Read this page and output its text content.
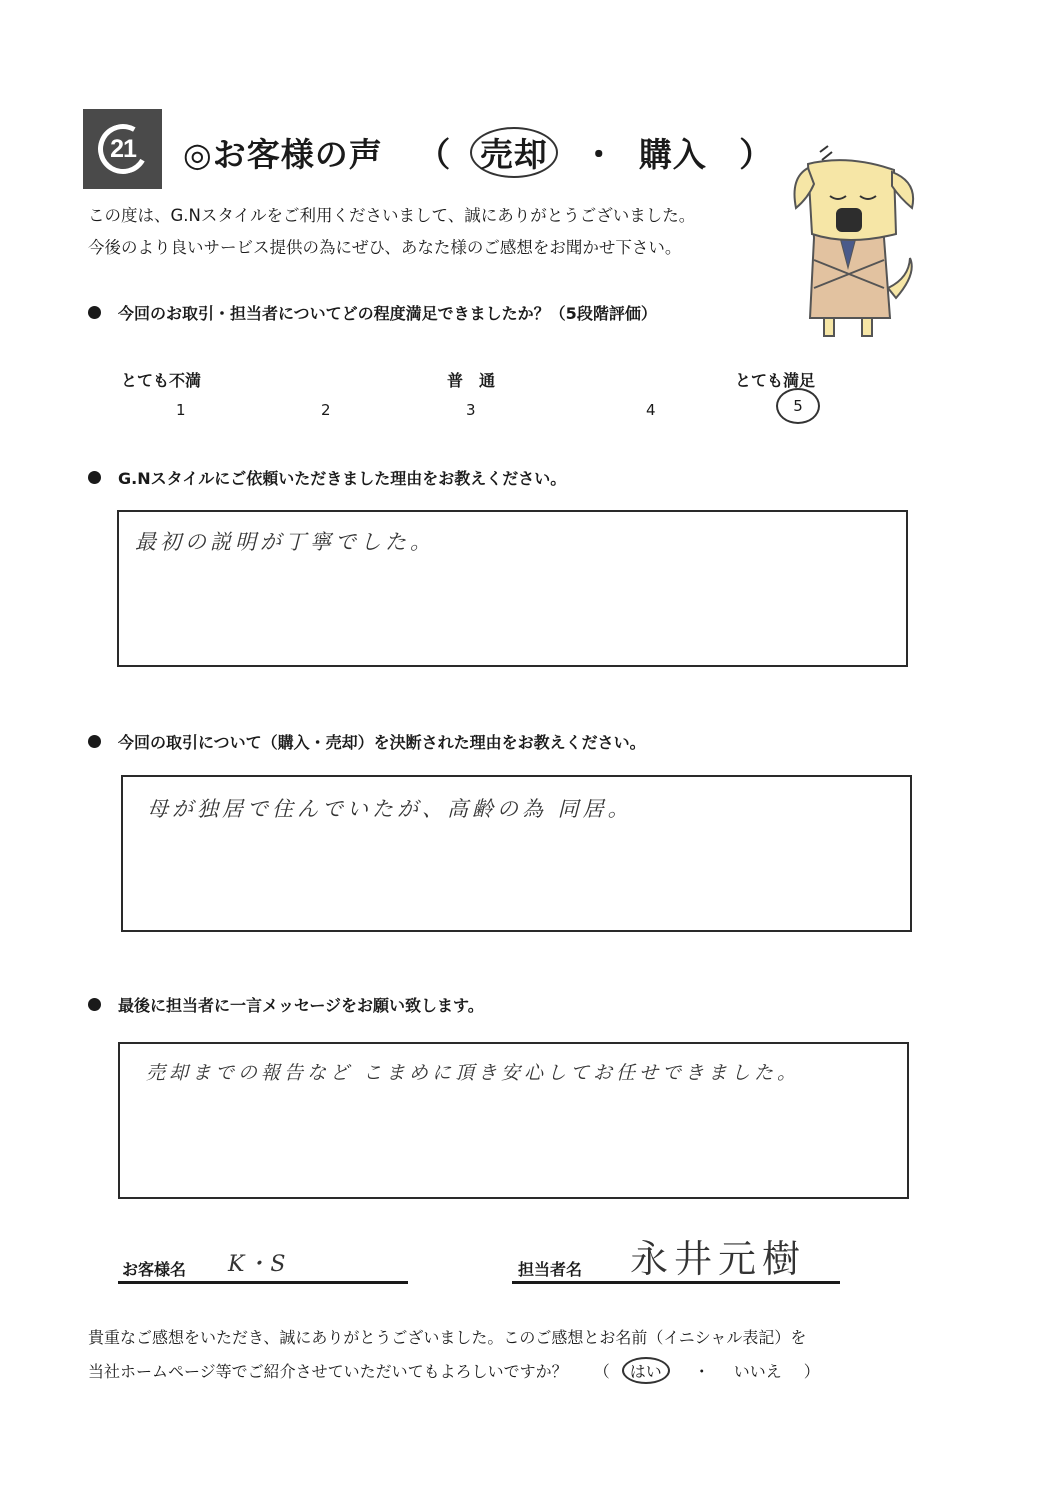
21 ◎お客様の声 （ 売却 ・ 購入 ）
この度は、G.Nスタイルをご利用くださいまして、誠にありがとうございました。
今後のより良いサービス提供の為にぜひ、あなた様のご感想をお聞かせ下さい。
今回のお取引・担当者についてどの程度満足できましたか？（5段階評価）
とても不満	普　通	とても満足
1	2	3	4	5
G.Nスタイルにご依頼いただきました理由をお教えください。
最初の説明が丁寧でした。
今回の取引について（購入・売却）を決断された理由をお教えください。
母が独居で住んでいたが、高齢の為 同居。
最後に担当者に一言メッセージをお願い致します。
売却までの報告など こまめに頂き安心してお任せできました。
お客様名 K・S	担当者名 永井元樹
貴重なご感想をいただき、誠にありがとうございました。このご感想とお名前（イニシャル表記）を
当社ホームページ等でご紹介させていただいてもよろしいですか？ （	はい	・ いいえ ）
